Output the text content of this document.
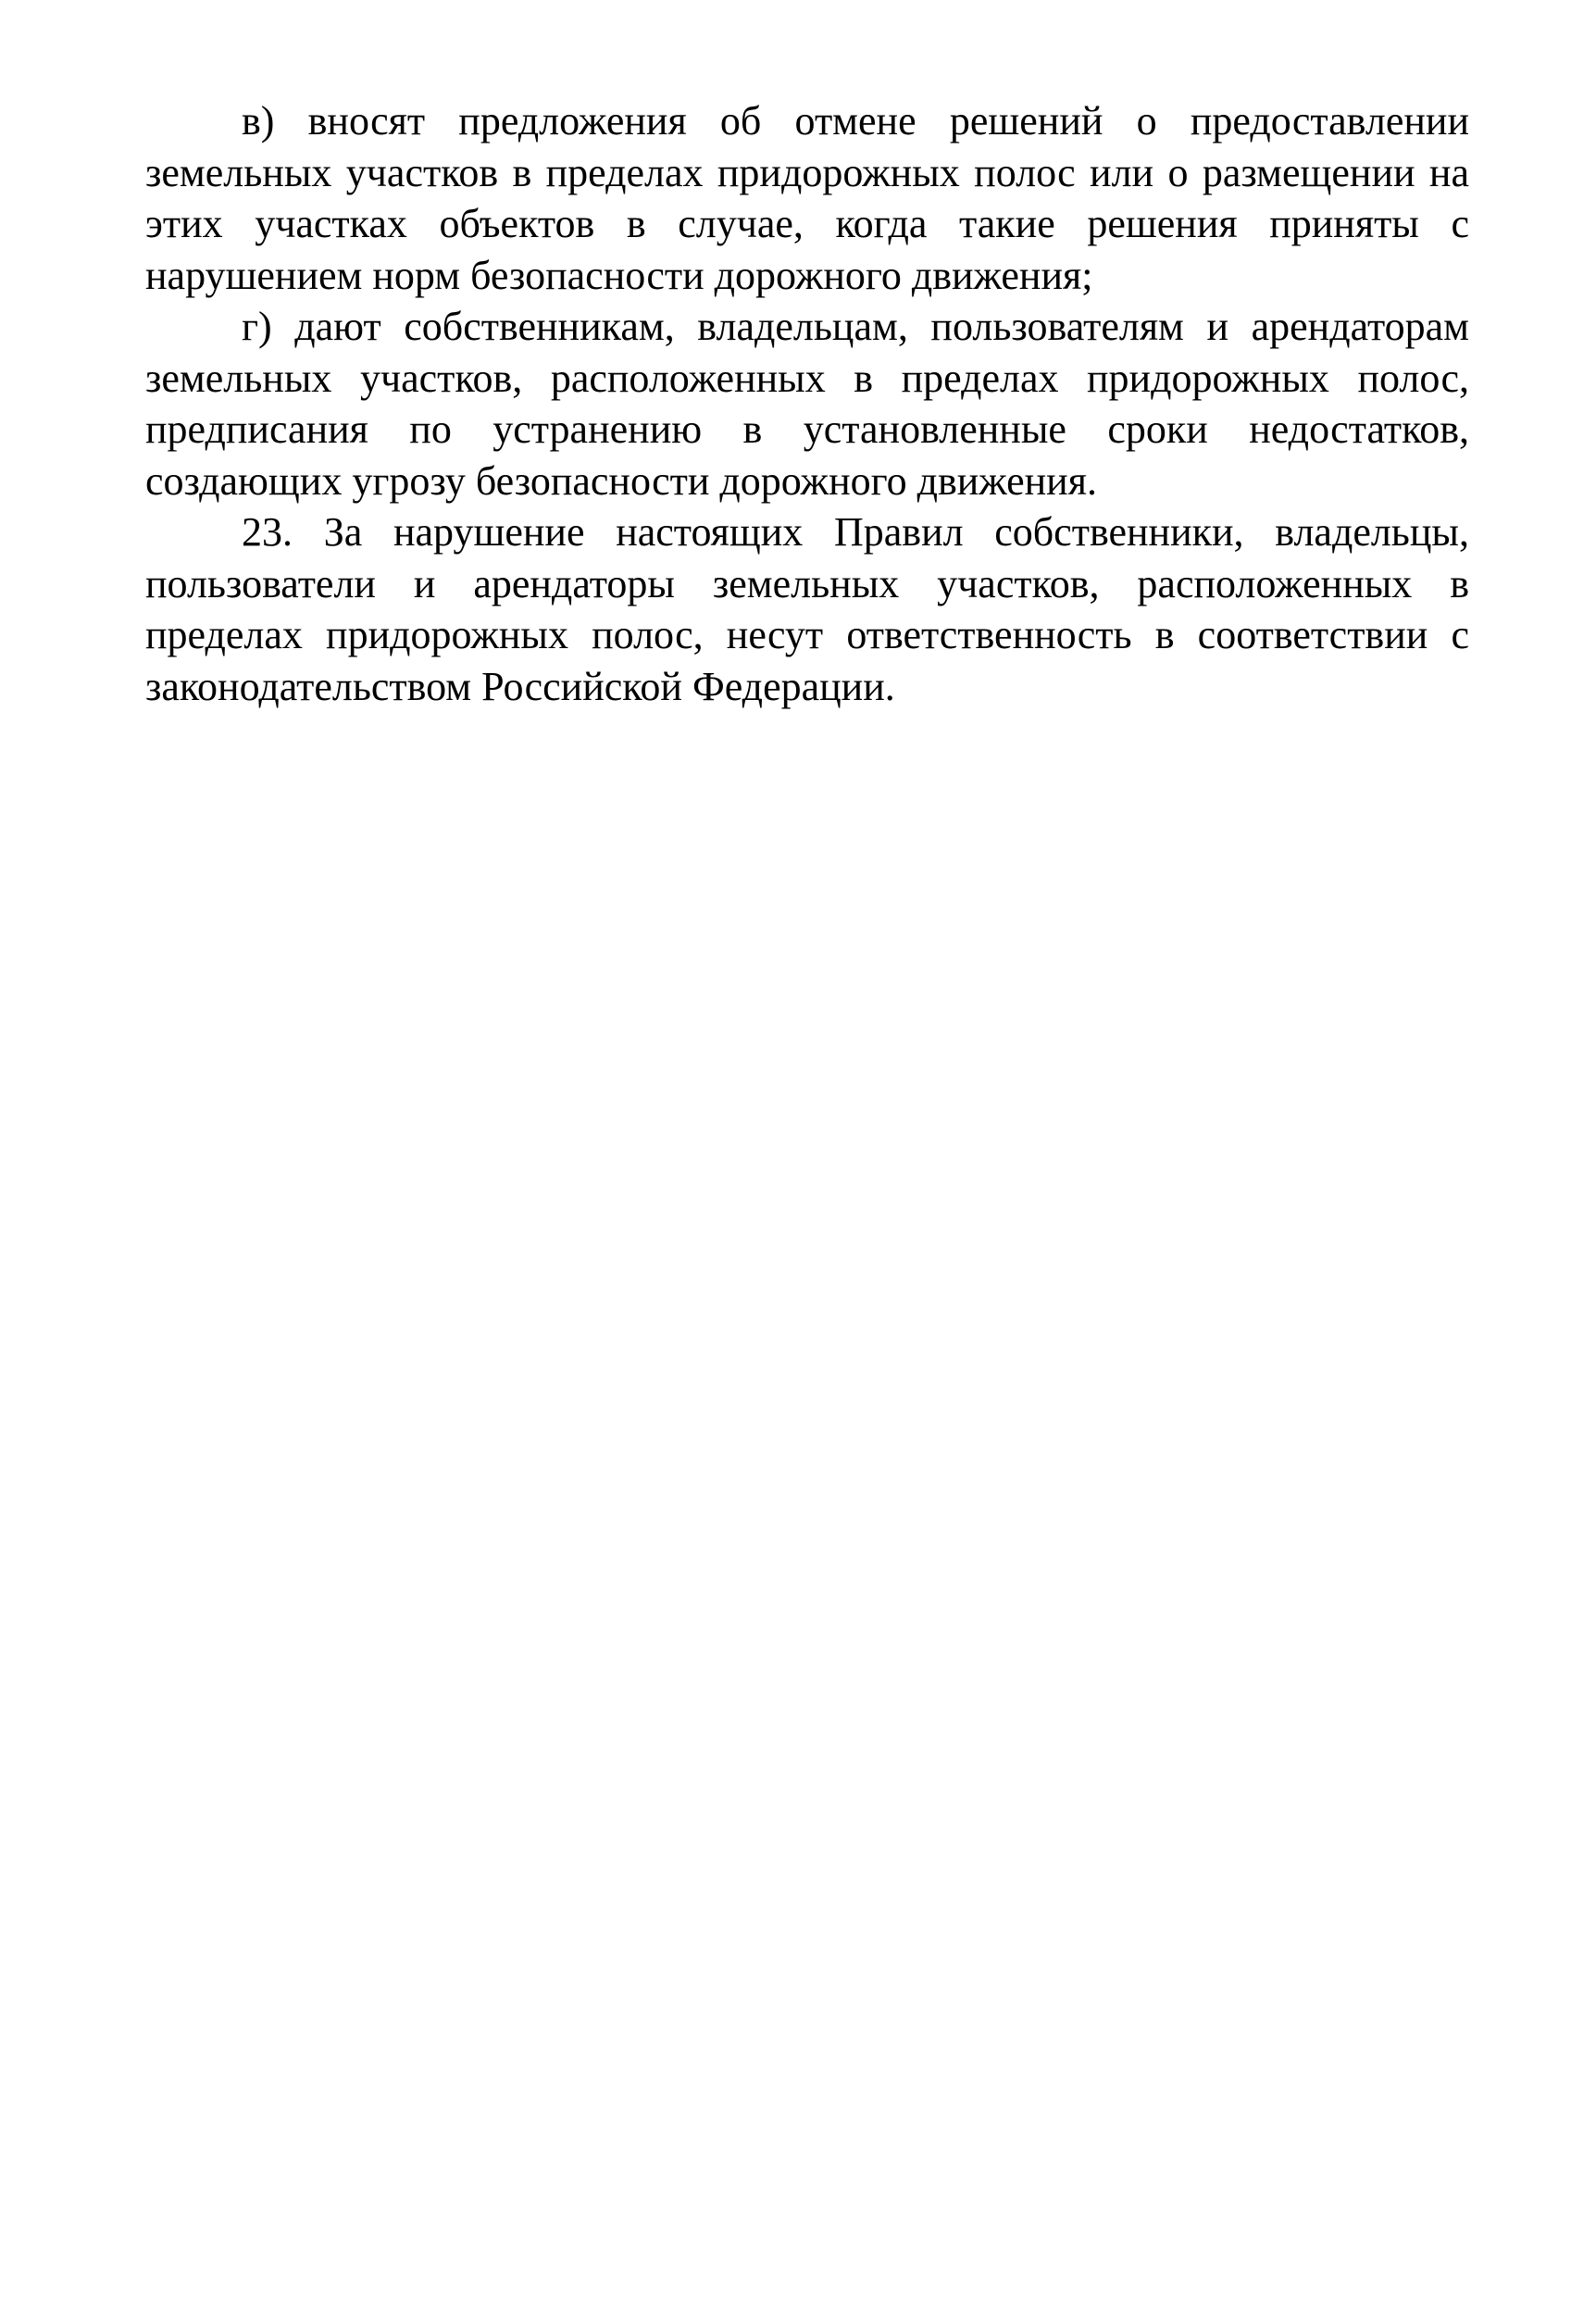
в) вносят предложения об отмене решений о предоставлении земельных участков в пределах придорожных полос или о размещении на этих участках объектов в случае, когда такие решения приняты с нарушением норм безопасности дорожного движения;

г) дают собственникам, владельцам, пользователям и арендаторам земельных участков, расположенных в пределах придорожных полос, предписания по устранению в установленные сроки недостатков, создающих угрозу безопасности дорожного движения.

23. За нарушение настоящих Правил собственники, владельцы, пользователи и арендаторы земельных участков, расположенных в пределах придорожных полос, несут ответственность в соответствии с законодательством Российской Федерации.
